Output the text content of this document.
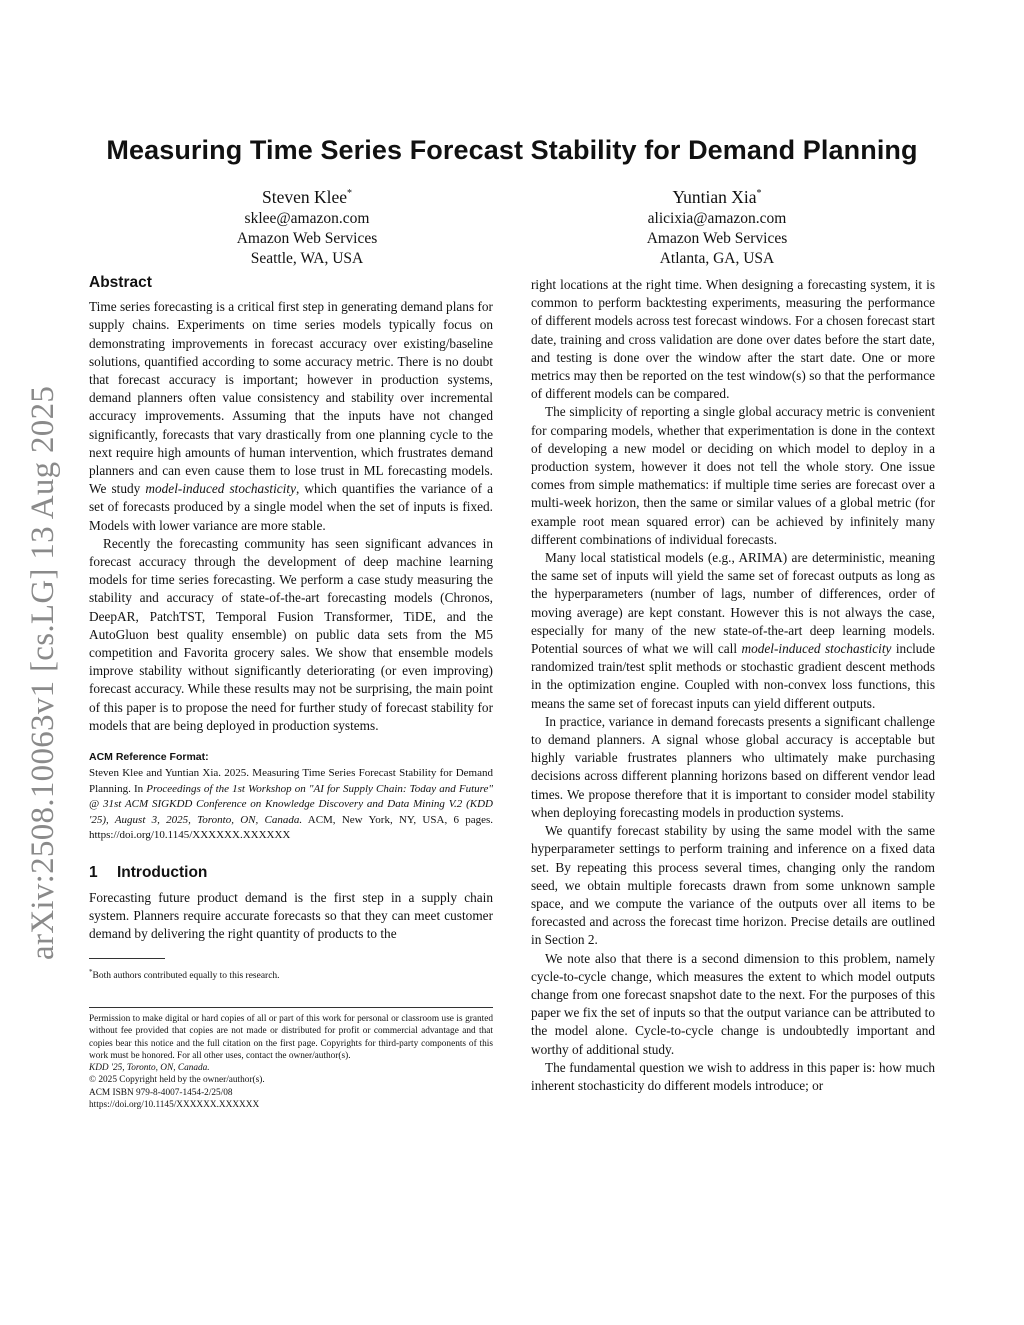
arXiv:2508.10063v1 [cs.LG] 13 Aug 2025
Measuring Time Series Forecast Stability for Demand Planning
Steven Klee*
sklee@amazon.com
Amazon Web Services
Seattle, WA, USA
Yuntian Xia*
alicixia@amazon.com
Amazon Web Services
Atlanta, GA, USA
Abstract

Time series forecasting is a critical first step in generating demand plans for supply chains. Experiments on time series models typically focus on demonstrating improvements in forecast accuracy over existing/baseline solutions, quantified according to some accuracy metric. There is no doubt that forecast accuracy is important; however in production systems, demand planners often value consistency and stability over incremental accuracy improvements. Assuming that the inputs have not changed significantly, forecasts that vary drastically from one planning cycle to the next require high amounts of human intervention, which frustrates demand planners and can even cause them to lose trust in ML forecasting models. We study model-induced stochasticity, which quantifies the variance of a set of forecasts produced by a single model when the set of inputs is fixed. Models with lower variance are more stable.

Recently the forecasting community has seen significant advances in forecast accuracy through the development of deep machine learning models for time series forecasting. We perform a case study measuring the stability and accuracy of state-of-the-art forecasting models (Chronos, DeepAR, PatchTST, Temporal Fusion Transformer, TiDE, and the AutoGluon best quality ensemble) on public data sets from the M5 competition and Favorita grocery sales. We show that ensemble models improve stability without significantly deteriorating (or even improving) forecast accuracy. While these results may not be surprising, the main point of this paper is to propose the need for further study of forecast stability for models that are being deployed in production systems.

ACM Reference Format:
Steven Klee and Yuntian Xia. 2025. Measuring Time Series Forecast Stability for Demand Planning. In Proceedings of the 1st Workshop on "AI for Supply Chain: Today and Future" @ 31st ACM SIGKDD Conference on Knowledge Discovery and Data Mining V.2 (KDD '25), August 3, 2025, Toronto, ON, Canada. ACM, New York, NY, USA, 6 pages. https://doi.org/10.1145/XXXXXX.XXXXXX
1 Introduction

Forecasting future product demand is the first step in a supply chain system. Planners require accurate forecasts so that they can meet customer demand by delivering the right quantity of products to the

*Both authors contributed equally to this research.
Permission to make digital or hard copies of all or part of this work for personal or classroom use is granted without fee provided that copies are not made or distributed for profit or commercial advantage and that copies bear this notice and the full citation on the first page. Copyrights for third-party components of this work must be honored. For all other uses, contact the owner/author(s).
KDD '25, Toronto, ON, Canada.
© 2025 Copyright held by the owner/author(s).
ACM ISBN 979-8-4007-1454-2/25/08
https://doi.org/10.1145/XXXXXX.XXXXXX

right locations at the right time. When designing a forecasting system, it is common to perform backtesting experiments, measuring the performance of different models across test forecast windows. For a chosen forecast start date, training and cross validation are done over dates before the start date, and testing is done over the window after the start date. One or more metrics may then be reported on the test window(s) so that the performance of different models can be compared.

The simplicity of reporting a single global accuracy metric is convenient for comparing models, whether that experimentation is done in the context of developing a new model or deciding on which model to deploy in a production system, however it does not tell the whole story. One issue comes from simple mathematics: if multiple time series are forecast over a multi-week horizon, then the same or similar values of a global metric (for example root mean squared error) can be achieved by infinitely many different combinations of individual forecasts.

Many local statistical models (e.g., ARIMA) are deterministic, meaning the same set of inputs will yield the same set of forecast outputs as long as the hyperparameters (number of lags, number of differences, order of moving average) are kept constant. However this is not always the case, especially for many of the new state-of-the-art deep learning models. Potential sources of what we will call model-induced stochasticity include randomized train/test split methods or stochastic gradient descent methods in the optimization engine. Coupled with non-convex loss functions, this means the same set of forecast inputs can yield different outputs.

In practice, variance in demand forecasts presents a significant challenge to demand planners. A signal whose global accuracy is acceptable but highly variable frustrates planners who ultimately make purchasing decisions across different planning horizons based on different vendor lead times. We propose therefore that it is important to consider model stability when deploying forecasting models in production systems.

We quantify forecast stability by using the same model with the same hyperparameter settings to perform training and inference on a fixed data set. By repeating this process several times, changing only the random seed, we obtain multiple forecasts drawn from some unknown sample space, and we compute the variance of the outputs over all items to be forecasted and across the forecast time horizon. Precise details are outlined in Section 2.

We note also that there is a second dimension to this problem, namely cycle-to-cycle change, which measures the extent to which model outputs change from one forecast snapshot date to the next. For the purposes of this paper we fix the set of inputs so that the output variance can be attributed to the model alone. Cycle-to-cycle change is undoubtedly important and worthy of additional study.

The fundamental question we wish to address in this paper is: how much inherent stochasticity do different models introduce; or
